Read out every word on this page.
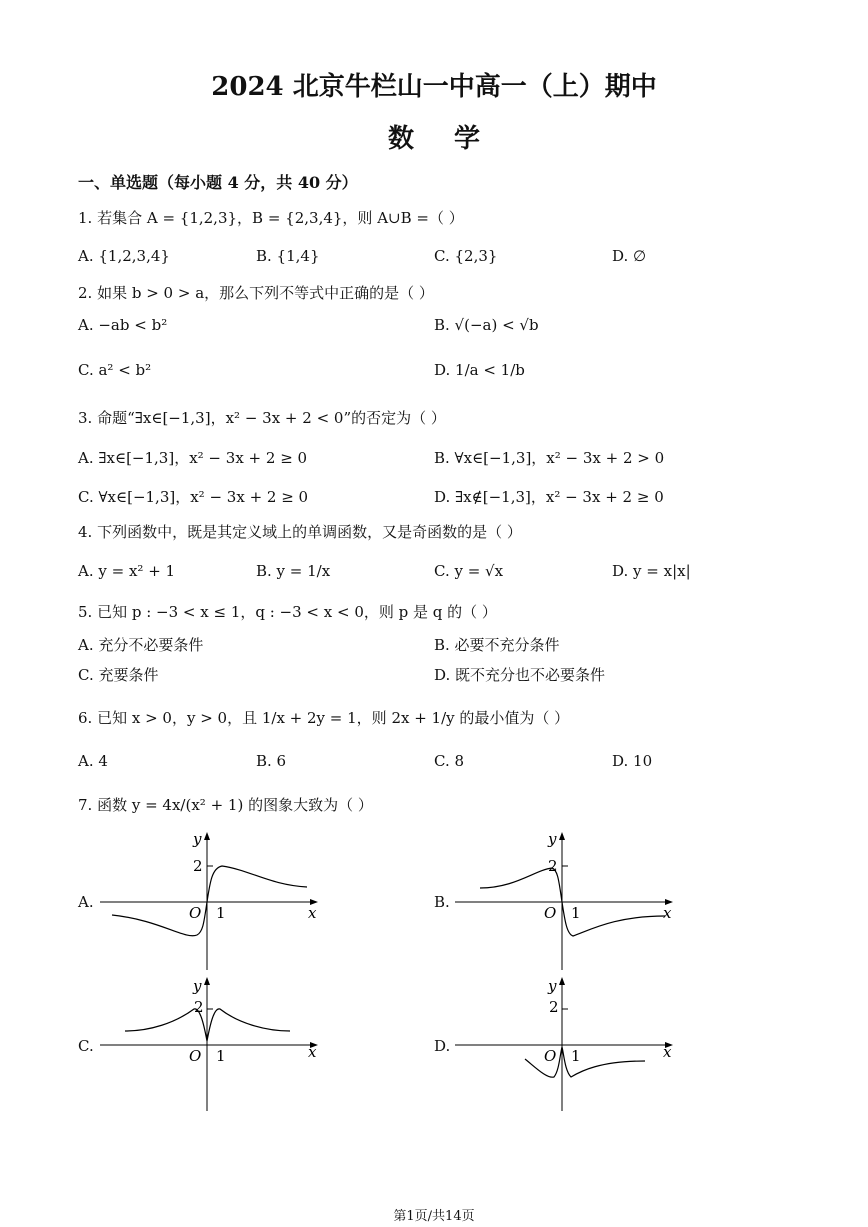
2024 北京牛栏山一中高一（上）期中
数学
一、单选题（每小题 4 分，共 40 分）
1. 若集合 A = {1,2,3}，B = {2,3,4}，则 A∪B =（ ）
A. {1,2,3,4}	B. {1,4}	C. {2,3}	D. ∅
2. 如果 b > 0 > a，那么下列不等式中正确的是（ ）
A. −ab < b²	B. √(−a) < √b
C. a² < b²	D. 1/a < 1/b
3. 命题“∃x∈[−1,3]，x² − 3x + 2 < 0”的否定为（ ）
A. ∃x∈[−1,3]，x² − 3x + 2 ≥ 0	B. ∀x∈[−1,3]，x² − 3x + 2 > 0
C. ∀x∈[−1,3]，x² − 3x + 2 ≥ 0	D. ∃x∉[−1,3]，x² − 3x + 2 ≥ 0
4. 下列函数中，既是其定义域上的单调函数，又是奇函数的是（ ）
A. y = x² + 1	B. y = 1/x	C. y = √x	D. y = x|x|
5. 已知 p : −3 < x ≤ 1，q : −3 < x < 0，则 p 是 q 的（ ）
A. 充分不必要条件	B. 必要不充分条件
C. 充要条件	D. 既不充分也不必要条件
6. 已知 x > 0，y > 0，且 1/x + 2y = 1，则 2x + 1/y 的最小值为（ ）
A. 4	B. 6	C. 8	D. 10
7. 函数 y = 4x/(x² + 1) 的图象大致为（ ）
A.	B.
C.	D.
y
2
O 1	x
y
2
O 1	x
y
2
O 1	x
y
2
O 1	x
第1页/共14页
